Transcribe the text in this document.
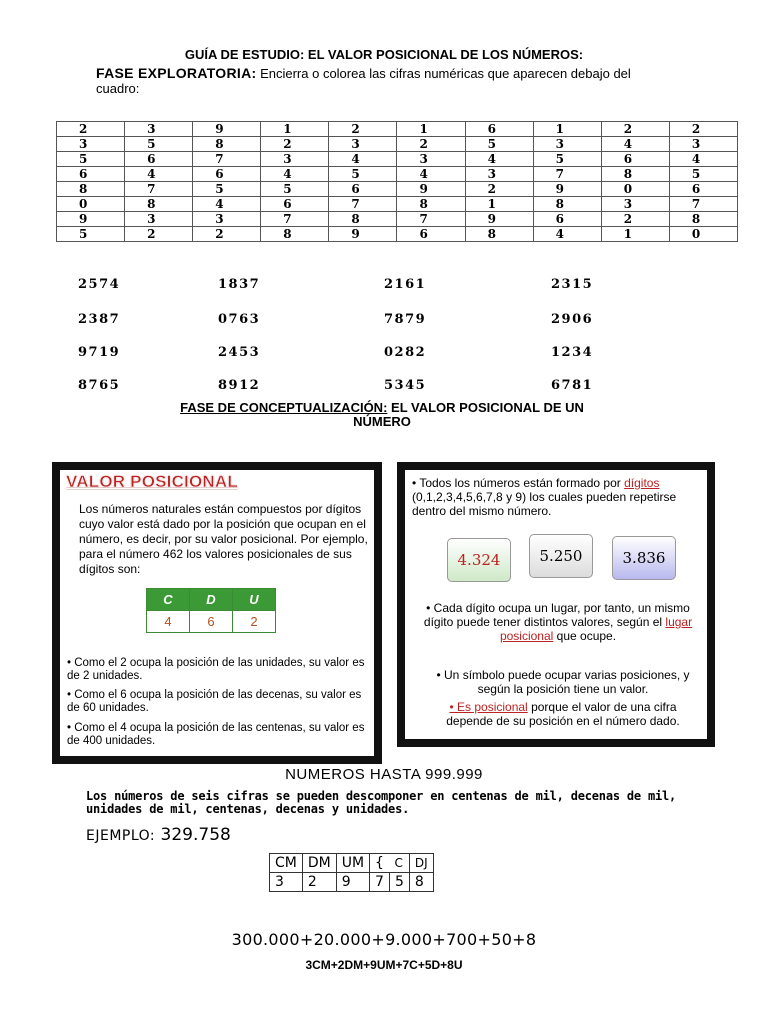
GUÍA DE ESTUDIO: EL VALOR POSICIONAL DE LOS NÚMEROS:
FASE EXPLORATORIA: Encierra o colorea las cifras numéricas que aparecen debajo del cuadro:
2	3	9	1	2	1	6	1	2	2
3	5	8	2	3	2	5	3	4	3
5	6	7	3	4	3	4	5	6	4
6	4	6	4	5	4	3	7	8	5
8	7	5	5	6	9	2	9	0	6
0	8	4	6	7	8	1	8	3	7
9	3	3	7	8	7	9	6	2	8
5	2	2	8	9	6	8	4	1	0
2574	1837	2161	2315
2387	0763	7879	2906
9719	2453	0282	1234
8765	8912	5345	6781
FASE DE CONCEPTUALIZACIÓN: EL VALOR POSICIONAL DE UN
NÚMERO
VALOR POSICIONAL
Los números naturales están compuestos por dígitos cuyo valor está dado por la posición que ocupan en el número, es decir, por su valor posicional. Por ejemplo, para el número 462 los valores posicionales de sus dígitos son:
C	D	U
4	6	2
• Como el 2 ocupa la posición de las unidades, su valor es de 2 unidades.
• Como el 6 ocupa la posición de las decenas, su valor es de 60 unidades.
• Como el 4 ocupa la posición de las centenas, su valor es de 400 unidades.
• Todos los números están formado por dígitos (0,1,2,3,4,5,6,7,8 y 9) los cuales pueden repetirse dentro del mismo número.
4.324	5.250	3.836
• Cada dígito ocupa un lugar, por tanto, un mismo dígito puede tener distintos valores, según el lugar posicional que ocupe.
• Un símbolo puede ocupar varias posiciones, y según la posición tiene un valor.
• Es posicional porque el valor de una cifra depende de su posición en el número dado.
NUMEROS HASTA 999.999
Los números de seis cifras se pueden descomponer en centenas de mil, decenas de mil, unidades de mil, centenas, decenas y unidades.
EJEMPLO: 329.758
CM	DM	UM	{	C	DJ
3	2	9	7	5	8
300.000+20.000+9.000+700+50+8
3CM+2DM+9UM+7C+5D+8U
